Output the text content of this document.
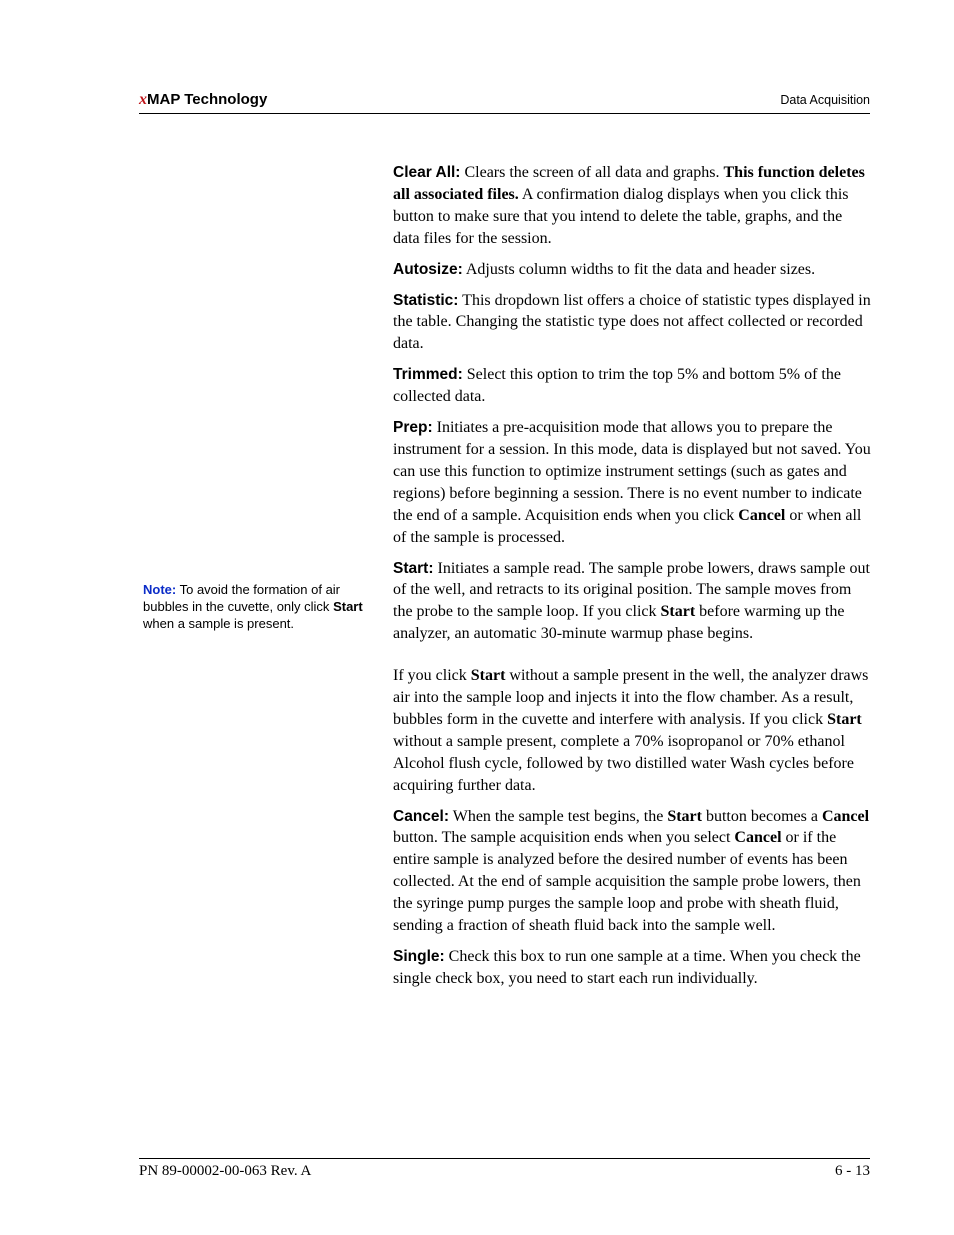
xMAP Technology	Data Acquisition
Note: To avoid the formation of air bubbles in the cuvette, only click Start when a sample is present.

Clear All: Clears the screen of all data and graphs. This function deletes all associated files. A confirmation dialog displays when you click this button to make sure that you intend to delete the table, graphs, and the data files for the session.

Autosize: Adjusts column widths to fit the data and header sizes.

Statistic: This dropdown list offers a choice of statistic types displayed in the table. Changing the statistic type does not affect collected or recorded data.

Trimmed: Select this option to trim the top 5% and bottom 5% of the collected data.

Prep: Initiates a pre-acquisition mode that allows you to prepare the instrument for a session. In this mode, data is displayed but not saved. You can use this function to optimize instrument settings (such as gates and regions) before beginning a session. There is no event number to indicate the end of a sample. Acquisition ends when you click Cancel or when all of the sample is processed.

Start: Initiates a sample read. The sample probe lowers, draws sample out of the well, and retracts to its original position. The sample moves from the probe to the sample loop. If you click Start before warming up the analyzer, an automatic 30-minute warmup phase begins.

If you click Start without a sample present in the well, the analyzer draws air into the sample loop and injects it into the flow chamber. As a result, bubbles form in the cuvette and interfere with analysis. If you click Start without a sample present, complete a 70% isopropanol or 70% ethanol Alcohol flush cycle, followed by two distilled water Wash cycles before acquiring further data.

Cancel: When the sample test begins, the Start button becomes a Cancel button. The sample acquisition ends when you select Cancel or if the entire sample is analyzed before the desired number of events has been collected. At the end of sample acquisition the sample probe lowers, then the syringe pump purges the sample loop and probe with sheath fluid, sending a fraction of sheath fluid back into the sample well.

Single: Check this box to run one sample at a time. When you check the single check box, you need to start each run individually.

PN 89-00002-00-063 Rev. A	6 - 13
